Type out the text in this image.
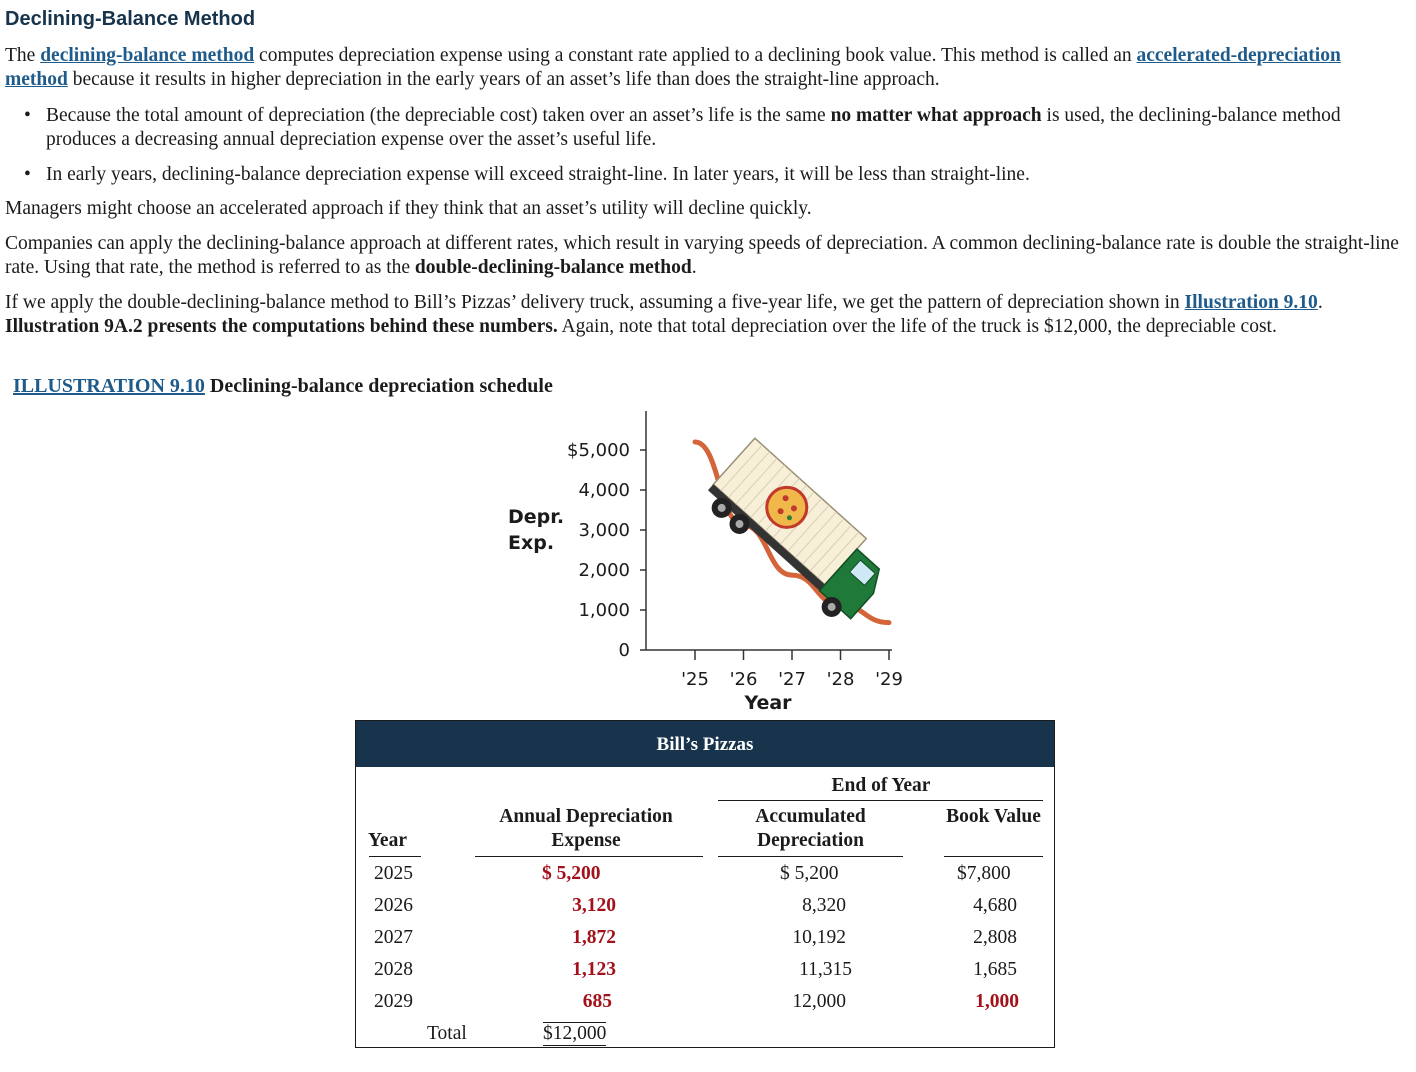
Declining-Balance Method

The declining-balance method computes depreciation expense using a constant rate applied to a declining book value. This method is called an accelerated-depreciation method because it results in higher depreciation in the early years of an asset’s life than does the straight-line approach.

• Because the total amount of depreciation (the depreciable cost) taken over an asset’s life is the same no matter what approach is used, the declining-balance method produces a decreasing annual depreciation expense over the asset’s useful life.
• In early years, declining-balance depreciation expense will exceed straight-line. In later years, it will be less than straight-line.

Managers might choose an accelerated approach if they think that an asset’s utility will decline quickly.

Companies can apply the declining-balance approach at different rates, which result in varying speeds of depreciation. A common declining-balance rate is double the straight-line rate. Using that rate, the method is referred to as the double-declining-balance method.

If we apply the double-declining-balance method to Bill’s Pizzas’ delivery truck, assuming a five-year life, we get the pattern of depreciation shown in Illustration 9.10. Illustration 9A.2 presents the computations behind these numbers. Again, note that total depreciation over the life of the truck is $12,000, the depreciable cost.

ILLUSTRATION 9.10 Declining-balance depreciation schedule

Depr.
Exp.
$5,000
4,000
3,000
2,000
1,000
0
'25 '26 '27 '28 '29
Year
Bill’s Pizzas
End of Year
Annual Depreciation Expense
Accumulated Depreciation
Book Value
Year
2025	$ 5,200	$ 5,200	$7,800
2026	3,120	8,320	4,680
2027	1,872	10,192	2,808
2028	1,123	11,315	1,685
2029	685	12,000	1,000
Total	$12,000
